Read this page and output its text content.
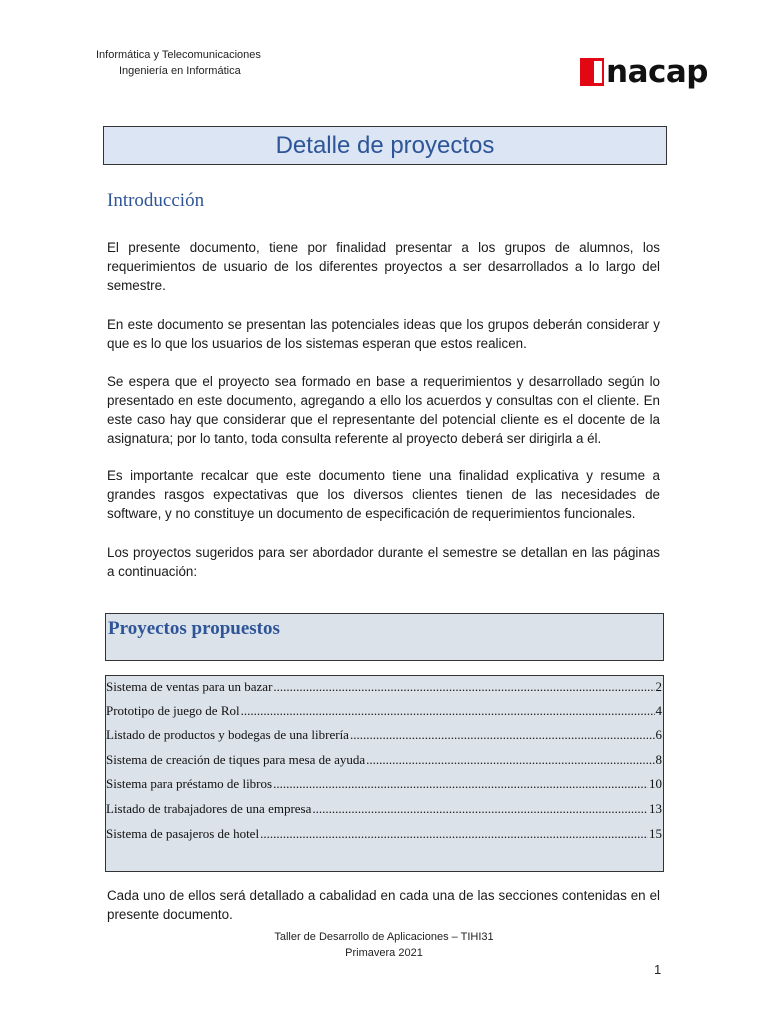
Informática y Telecomunicaciones
Ingeniería en Informática	nacap
Detalle de proyectos
Introducción

El presente documento, tiene por finalidad presentar a los grupos de alumnos, los requerimientos de usuario de los diferentes proyectos a ser desarrollados a lo largo del semestre.

En este documento se presentan las potenciales ideas que los grupos deberán considerar y que es lo que los usuarios de los sistemas esperan que estos realicen.

Se espera que el proyecto sea formado en base a requerimientos y desarrollado según lo presentado en este documento, agregando a ello los acuerdos y consultas con el cliente. En este caso hay que considerar que el representante del potencial cliente es el docente de la asignatura; por lo tanto, toda consulta referente al proyecto deberá ser dirigirla a él.

Es importante recalcar que este documento tiene una finalidad explicativa y resume a grandes rasgos expectativas que los diversos clientes tienen de las necesidades de software, y no constituye un documento de especificación de requerimientos funcionales.

Los proyectos sugeridos para ser abordador durante el semestre se detallan en las páginas a continuación:

Proyectos propuestos
Sistema de ventas para un bazar .....	2
Prototipo de juego de Rol .....	4
Listado de productos y bodegas de una librería .....	6
Sistema de creación de tiques para mesa de ayuda .....	8
Sistema para préstamo de libros .....	10
Listado de trabajadores de una empresa .....	13
Sistema de pasajeros de hotel .....	15

Cada uno de ellos será detallado a cabalidad en cada una de las secciones contenidas en el presente documento.

Taller de Desarrollo de Aplicaciones – TIHI31
Primavera 2021
1
